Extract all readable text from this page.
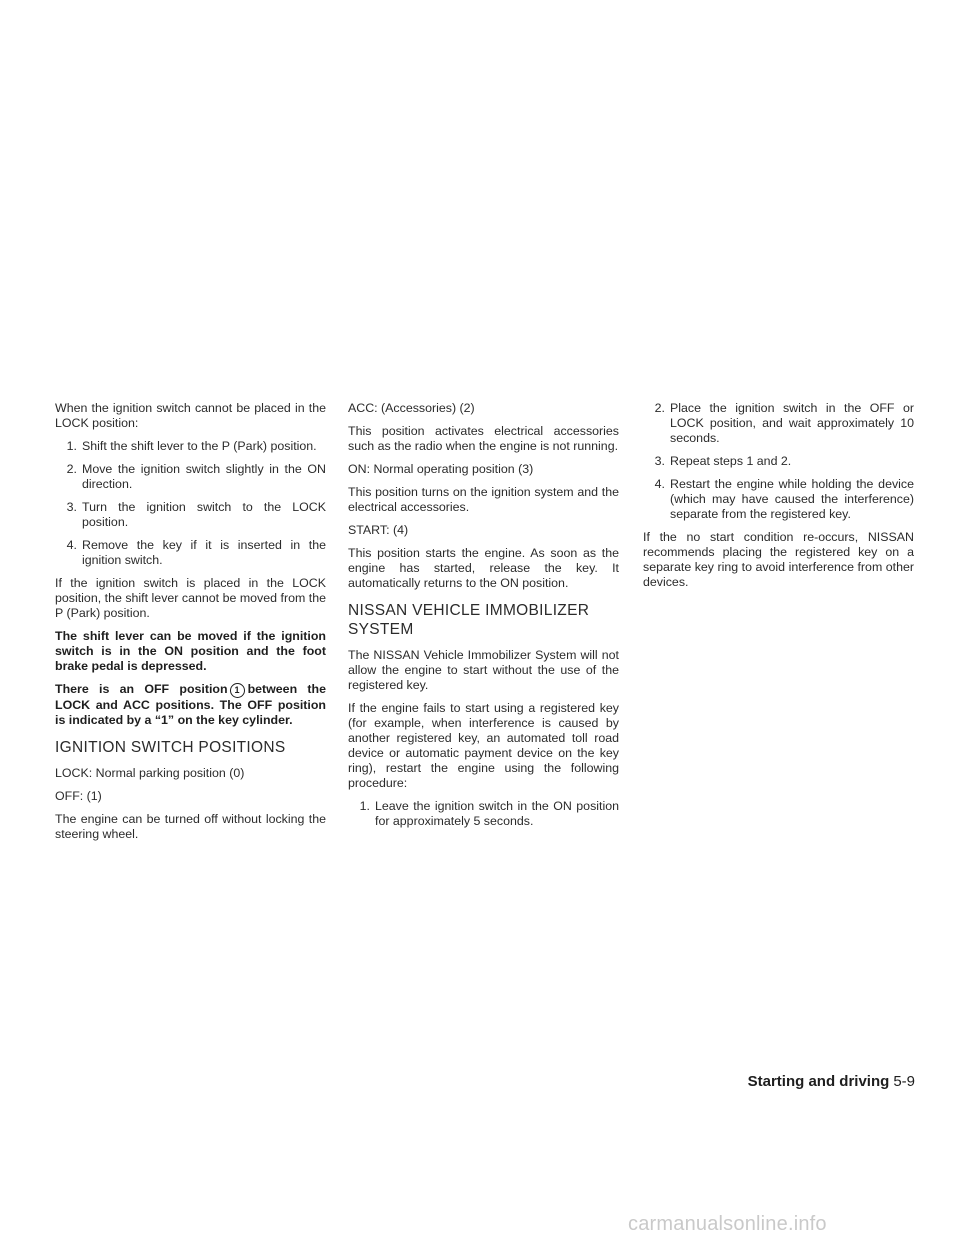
When the ignition switch cannot be placed in the LOCK position:

1. Shift the shift lever to the P (Park) position.
2. Move the ignition switch slightly in the ON direction.
3. Turn the ignition switch to the LOCK position.
4. Remove the key if it is inserted in the ignition switch.

If the ignition switch is placed in the LOCK position, the shift lever cannot be moved from the P (Park) position.

The shift lever can be moved if the ignition switch is in the ON position and the foot brake pedal is depressed.

There is an OFF position 1 between the LOCK and ACC positions. The OFF position is indicated by a “1” on the key cylinder.

IGNITION SWITCH POSITIONS

LOCK: Normal parking position (0)

OFF: (1)

The engine can be turned off without locking the steering wheel.

ACC: (Accessories) (2)

This position activates electrical accessories such as the radio when the engine is not running.

ON: Normal operating position (3)

This position turns on the ignition system and the electrical accessories.

START: (4)

This position starts the engine. As soon as the engine has started, release the key. It automatically returns to the ON position.

NISSAN VEHICLE IMMOBILIZER SYSTEM

The NISSAN Vehicle Immobilizer System will not allow the engine to start without the use of the registered key.

If the engine fails to start using a registered key (for example, when interference is caused by another registered key, an automated toll road device or automatic payment device on the key ring), restart the engine using the following procedure:

1. Leave the ignition switch in the ON position for approximately 5 seconds.
2. Place the ignition switch in the OFF or LOCK position, and wait approximately 10 seconds.
3. Repeat steps 1 and 2.
4. Restart the engine while holding the device (which may have caused the interference) separate from the registered key.

If the no start condition re-occurs, NISSAN recommends placing the registered key on a separate key ring to avoid interference from other devices.

Starting and driving 5-9
carmanualsonline.info
